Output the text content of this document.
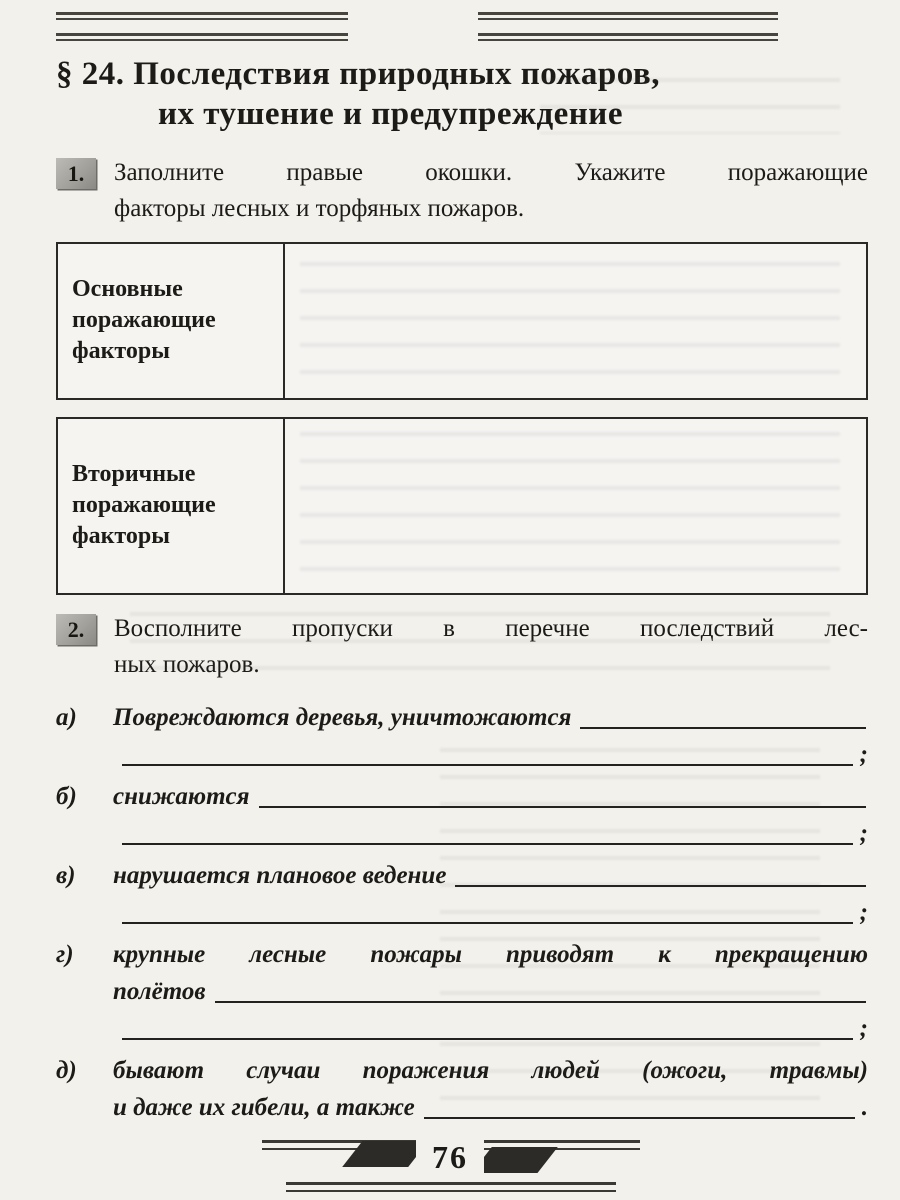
§ 24. Последствия природных пожаров,
их тушение и предупреждение
1.	Заполните правые окошки. Укажите поражающие
факторы лесных и торфяных пожаров.
Основные поражающие факторы
Вторичные поражающие факторы
2.	Восполните пропуски в перечне последствий лес-
ных пожаров.
а)	Повреждаются деревья, уничтожаются
;
б)	снижаются
;
в)	нарушается плановое ведение
;
г)	крупные лесные пожары приводят к прекращению
полётов
;
д)	бывают случаи поражения людей (ожоги, травмы)
и даже их гибели, а также	.
76
